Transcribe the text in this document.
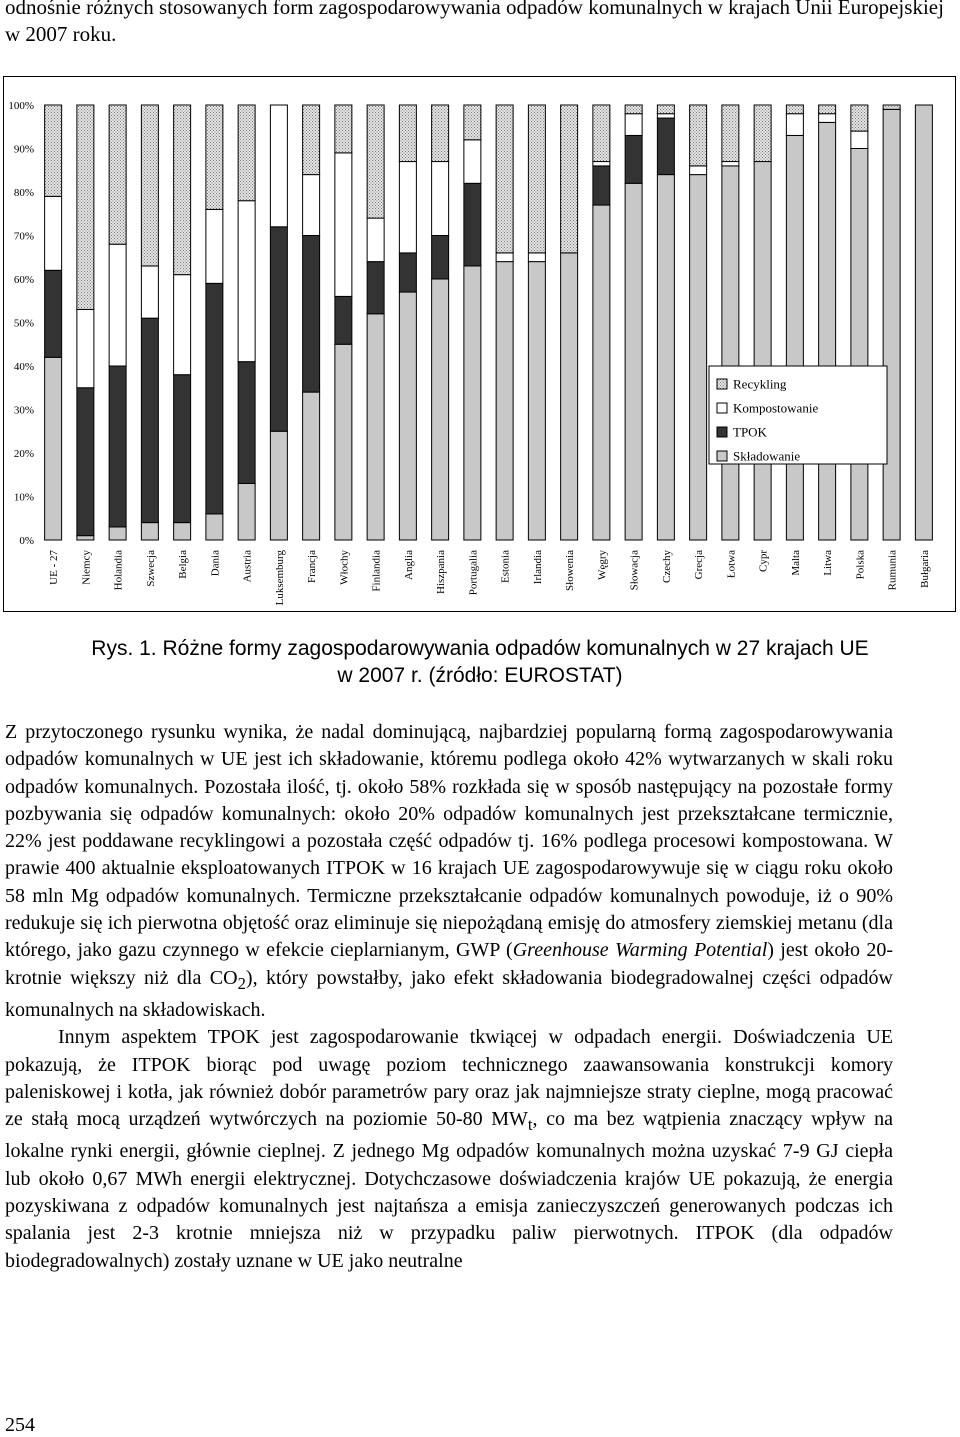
odnośnie różnych stosowanych form zagospodarowywania odpadów komunalnych w krajach Unii Europejskiej w 2007 roku.

0%
10%
20%
30%
40%
50%
60%
70%
80%
90%
100%
UE - 27 Niemcy Holandia Szwecja Belgia Dania Austria Luksemburg Francja Włochy Finlandia Anglia Hiszpania Portugalia Estonia Irlandia Słowenia Węgry Słowacja Czechy Grecja Łotwa Cypr Malta Litwa Polska Rumunia Bułgaria
Recykling
Kompostowanie
TPOK
Składowanie
Rys. 1. Różne formy zagospodarowywania odpadów komunalnych w 27 krajach UE
w 2007 r. (źródło: EUROSTAT)

Z przytoczonego rysunku wynika, że nadal dominującą, najbardziej popularną formą zagospodarowywania odpadów komunalnych w UE jest ich składowanie, któremu podlega około 42% wytwarzanych w skali roku odpadów komunalnych. Pozostała ilość, tj. około 58% rozkłada się w sposób następujący na pozostałe formy pozbywania się odpadów komunalnych: około 20% odpadów komunalnych jest przekształcane termicznie, 22% jest poddawane recyklingowi a pozostała część odpadów tj. 16% podlega procesowi kompostowana. W prawie 400 aktualnie eksploatowanych ITPOK w 16 krajach UE zagospodarowywuje się w ciągu roku około 58 mln Mg odpadów komunalnych. Termiczne przekształcanie odpadów komunalnych powoduje, iż o 90% redukuje się ich pierwotna objętość oraz eliminuje się niepożądaną emisję do atmosfery ziemskiej metanu (dla którego, jako gazu czynnego w efekcie cieplarnianym, GWP (Greenhouse Warming Potential) jest około 20-krotnie większy niż dla $CO_2$), który powstałby, jako efekt składowania biodegradowalnej części odpadów komunalnych na składowiskach.

Innym aspektem TPOK jest zagospodarowanie tkwiącej w odpadach energii. Doświadczenia UE pokazują, że ITPOK biorąc pod uwagę poziom technicznego zaawansowania konstrukcji komory paleniskowej i kotła, jak również dobór parametrów pary oraz jak najmniejsze straty cieplne, mogą pracować ze stałą mocą urządzeń wytwórczych na poziomie 50-80 $MW_t$, co ma bez wątpienia znaczący wpływ na lokalne rynki energii, głównie cieplnej. Z jednego Mg odpadów komunalnych można uzyskać 7-9 GJ ciepła lub około 0,67 MWh energii elektrycznej. Dotychczasowe doświadczenia krajów UE pokazują, że energia pozyskiwana z odpadów komunalnych jest najtańsza a emisja zanieczyszczeń generowanych podczas ich spalania jest 2-3 krotnie mniejsza niż w przypadku paliw pierwotnych. ITPOK (dla odpadów biodegradowalnych) zostały uznane w UE jako neutralne

254
